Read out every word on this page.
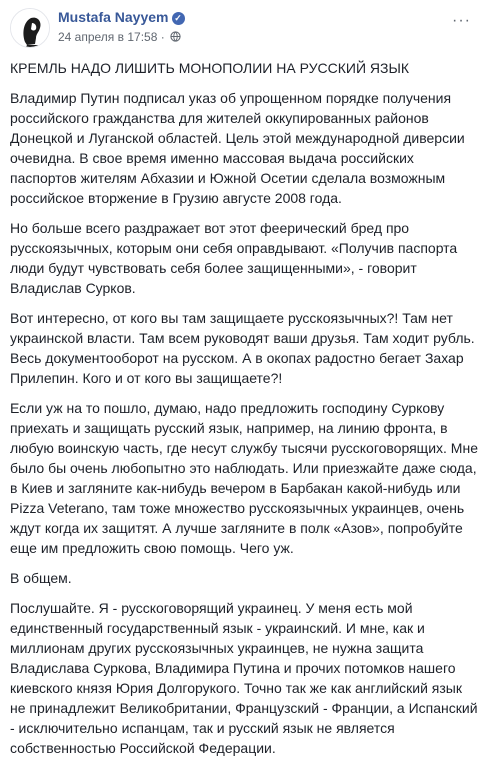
Mustafa Nayyem ✓
24 апреля в 17:58 ·
···

КРЕМЛЬ НАДО ЛИШИТЬ МОНОПОЛИИ НА РУССКИЙ ЯЗЫК

Владимир Путин подписал указ об упрощенном порядке получения российского гражданства для жителей оккупированных районов Донецкой и Луганской областей. Цель этой международной диверсии очевидна. В свое время именно массовая выдача российских паспортов жителям Абхазии и Южной Осетии сделала возможным российское вторжение в Грузию августе 2008 года.

Но больше всего раздражает вот этот феерический бред про русскоязычных, которым они себя оправдывают. «Получив паспорта люди будут чувствовать себя более защищенными», - говорит Владислав Сурков.

Вот интересно, от кого вы там защищаете русскоязычных?! Там нет украинской власти. Там всем руководят ваши друзья. Там ходит рубль. Весь документооборот на русском. А в окопах радостно бегает Захар Прилепин. Кого и от кого вы защищаете?!

Если уж на то пошло, думаю, надо предложить господину Суркову приехать и защищать русский язык, например, на линию фронта, в любую воинскую часть, где несут службу тысячи русскоговорящих. Мне было бы очень любопытно это наблюдать. Или приезжайте даже сюда, в Киев и загляните как-нибудь вечером в Барбакан какой-нибудь или Pizza Veterano, там тоже множество русскоязычных украинцев, очень ждут когда их защитят. А лучше загляните в полк «Азов», попробуйте еще им предложить свою помощь. Чего уж.

В общем.

Послушайте. Я - русскоговорящий украинец. У меня есть мой единственный государственный язык - украинский. И мне, как и миллионам других русскоязычных украинцев, не нужна защита Владислава Суркова, Владимира Путина и прочих потомков нашего киевского князя Юрия Долгорукого. Точно так же как английский язык не принадлежит Великобритании, Французский - Франции, а Испанский - исключительно испанцам, так и русский язык не является собственностью Российской Федерации.
